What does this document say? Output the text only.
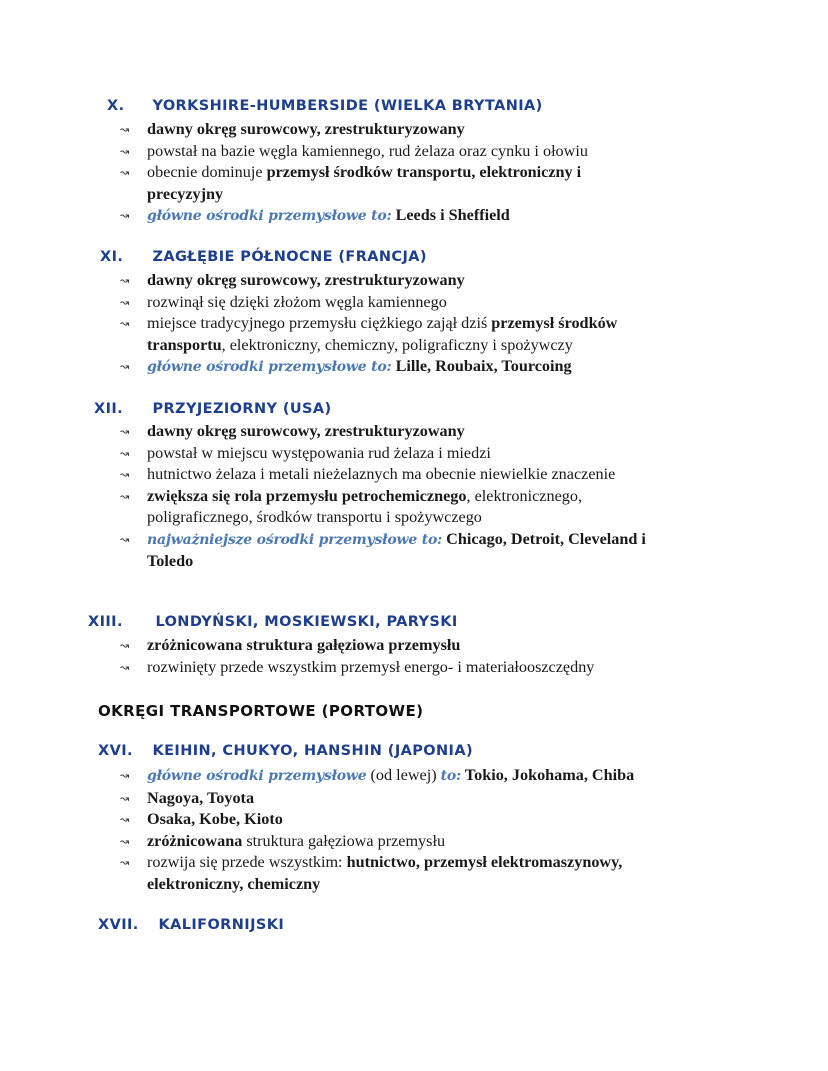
X. YORKSHIRE-HUMBERSIDE (WIELKA BRYTANIA)
↝ dawny okręg surowcowy, zrestrukturyzowany
↝ powstał na bazie węgla kamiennego, rud żelaza oraz cynku i ołowiu
↝ obecnie dominuje przemysł środków transportu, elektroniczny i
precyzyjny
↝ główne ośrodki przemysłowe to: Leeds i Sheffield
XI. ZAGŁĘBIE PÓŁNOCNE (FRANCJA)
↝ dawny okręg surowcowy, zrestrukturyzowany
↝ rozwinął się dzięki złożom węgla kamiennego
↝ miejsce tradycyjnego przemysłu ciężkiego zajął dziś przemysł środków
transportu, elektroniczny, chemiczny, poligraficzny i spożywczy
↝ główne ośrodki przemysłowe to: Lille, Roubaix, Tourcoing
XII. PRZYJEZIORNY (USA)
↝ dawny okręg surowcowy, zrestrukturyzowany
↝ powstał w miejscu występowania rud żelaza i miedzi
↝ hutnictwo żelaza i metali nieżelaznych ma obecnie niewielkie znaczenie
↝ zwiększa się rola przemysłu petrochemicznego, elektronicznego,
poligraficznego, środków transportu i spożywczego
↝ najważniejsze ośrodki przemysłowe to: Chicago, Detroit, Cleveland i
Toledo
XIII. LONDYŃSKI, MOSKIEWSKI, PARYSKI
↝ zróżnicowana struktura gałęziowa przemysłu
↝ rozwinięty przede wszystkim przemysł energo- i materiałooszczędny
OKRĘGI TRANSPORTOWE (PORTOWE)
XVI. KEIHIN, CHUKYO, HANSHIN (JAPONIA)
↝ główne ośrodki przemysłowe (od lewej) to: Tokio, Jokohama, Chiba
↝ Nagoya, Toyota
↝ Osaka, Kobe, Kioto
↝ zróżnicowana struktura gałęziowa przemysłu
↝ rozwija się przede wszystkim: hutnictwo, przemysł elektromaszynowy,
elektroniczny, chemiczny
XVII. KALIFORNIJSKI
